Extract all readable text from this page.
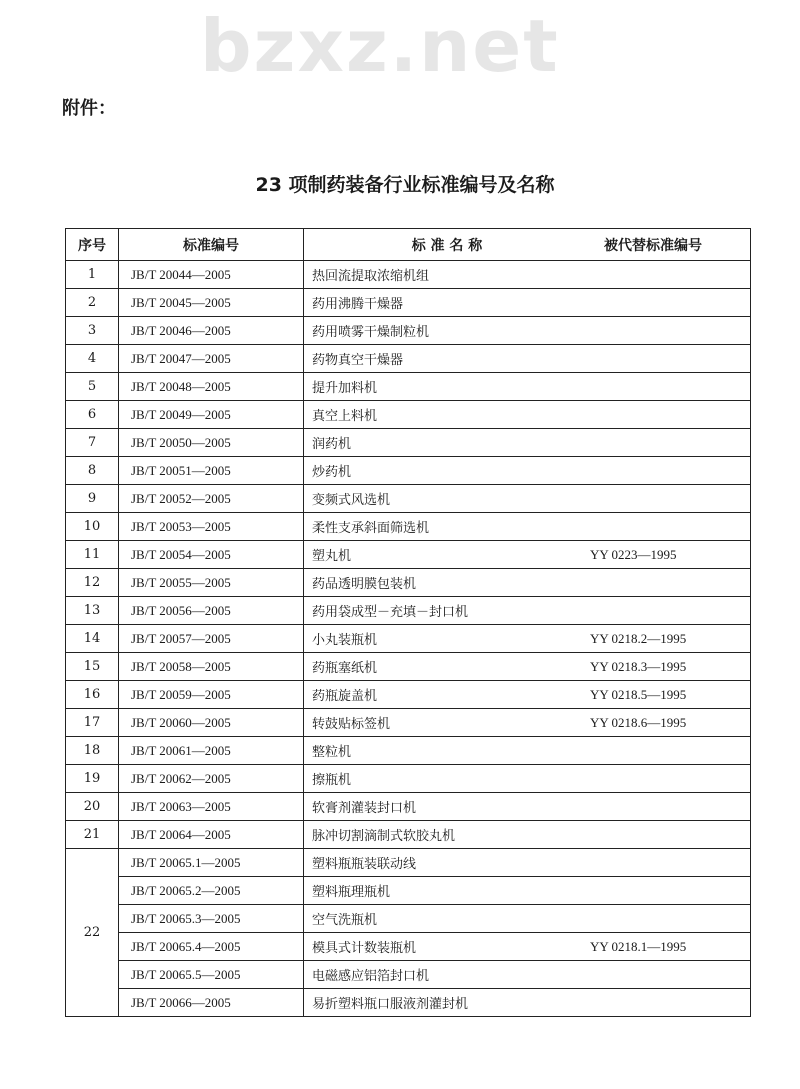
bzxz.net
附件：
23 项制药装备行业标准编号及名称
序号	标准编号	标 准 名 称	被代替标准编号
1	JB/T 20044—2005	热回流提取浓缩机组	
2	JB/T 20045—2005	药用沸腾干燥器	
3	JB/T 20046—2005	药用喷雾干燥制粒机	
4	JB/T 20047—2005	药物真空干燥器	
5	JB/T 20048—2005	提升加料机	
6	JB/T 20049—2005	真空上料机	
7	JB/T 20050—2005	润药机	
8	JB/T 20051—2005	炒药机	
9	JB/T 20052—2005	变频式风选机	
10	JB/T 20053—2005	柔性支承斜面筛选机	
11	JB/T 20054—2005	塑丸机	YY 0223—1995
12	JB/T 20055—2005	药品透明膜包装机	
13	JB/T 20056—2005	药用袋成型－充填－封口机	
14	JB/T 20057—2005	小丸装瓶机	YY 0218.2—1995
15	JB/T 20058—2005	药瓶塞纸机	YY 0218.3—1995
16	JB/T 20059—2005	药瓶旋盖机	YY 0218.5—1995
17	JB/T 20060—2005	转鼓贴标签机	YY 0218.6—1995
18	JB/T 20061—2005	整粒机	
19	JB/T 20062—2005	擦瓶机	
20	JB/T 20063—2005	软膏剂灌装封口机	
21	JB/T 20064—2005	脉冲切割滴制式软胶丸机	
22	JB/T 20065.1—2005	塑料瓶瓶装联动线	
	JB/T 20065.2—2005	塑料瓶理瓶机	
	JB/T 20065.3—2005	空气洗瓶机	
	JB/T 20065.4—2005	模具式计数装瓶机	YY 0218.1—1995
	JB/T 20065.5—2005	电磁感应铝箔封口机	
	JB/T 20066—2005	易折塑料瓶口服液剂灌封机	
